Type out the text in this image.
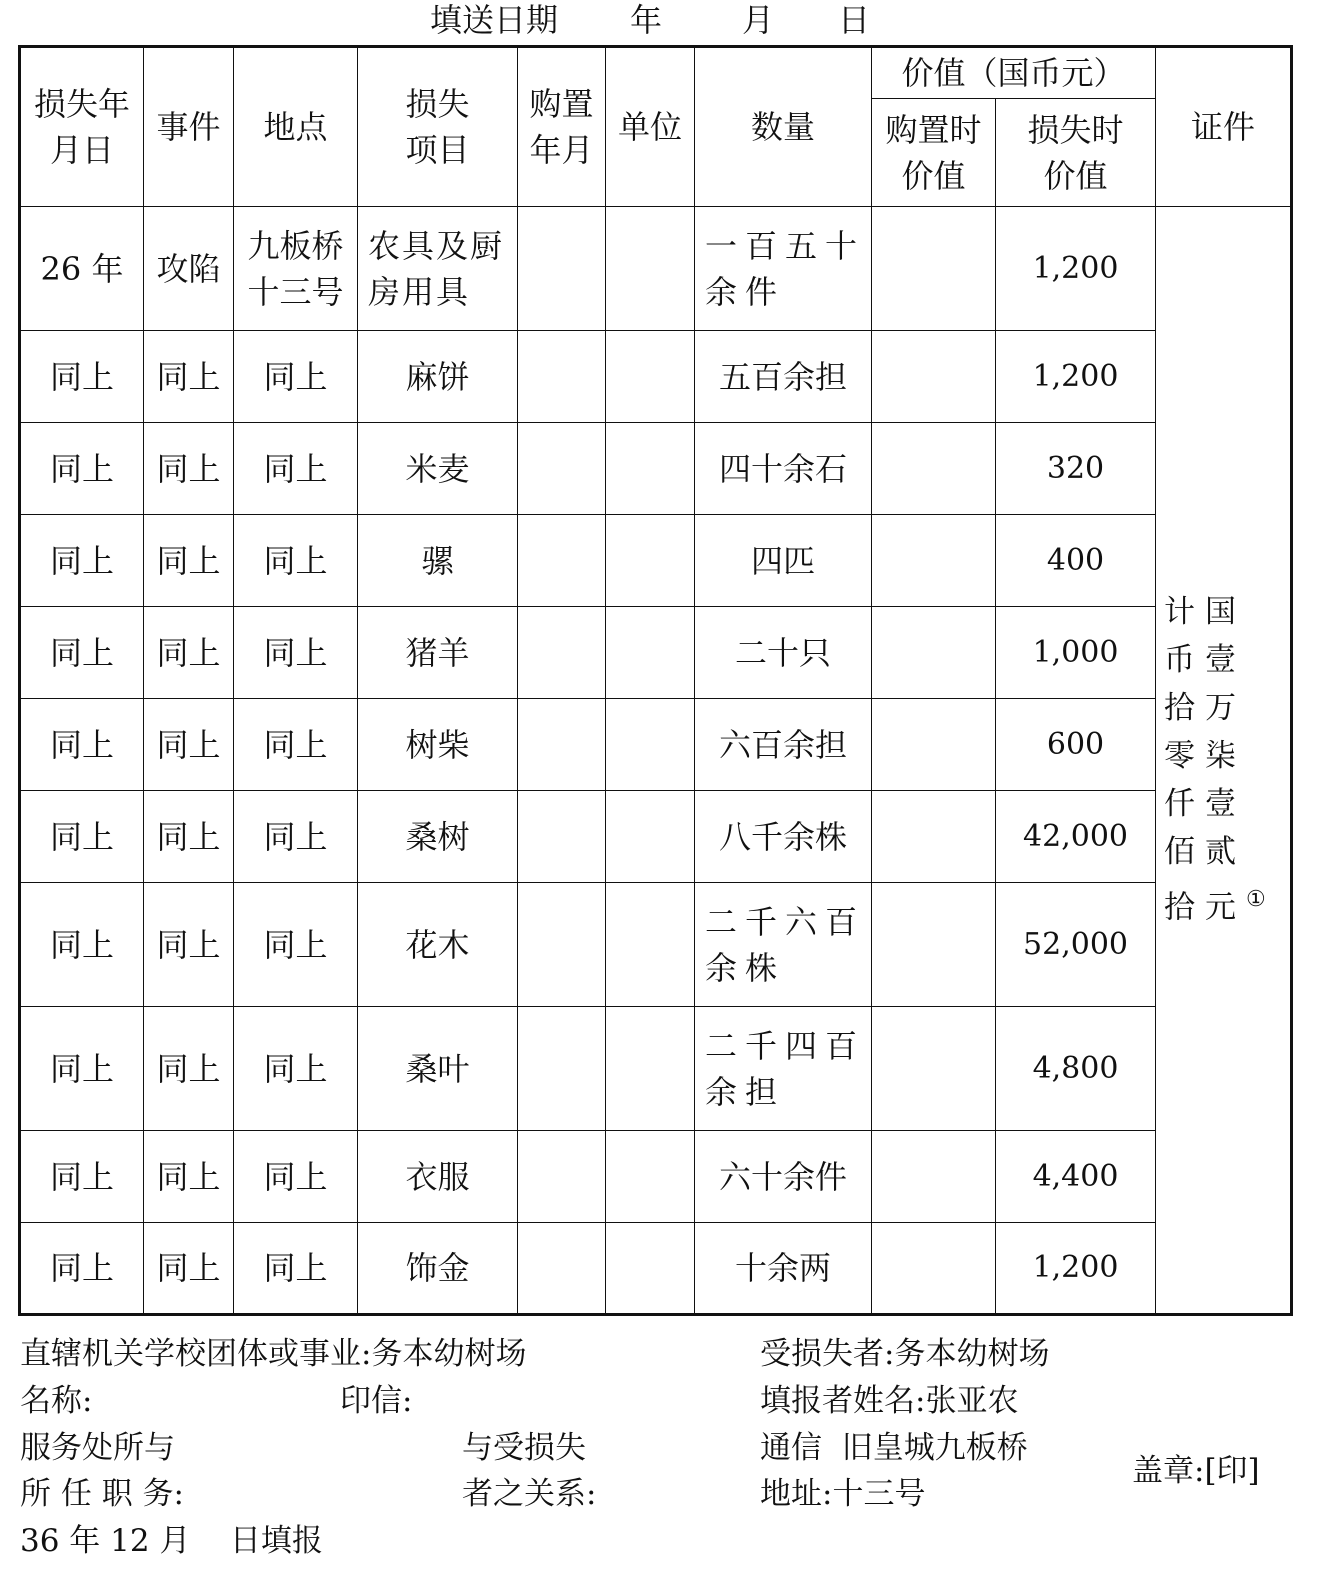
填送日期 年	月 日
损失年月日	事件	地点	损失项目	购置年月	单位	数量	价值（国币元）		证件
							购置时价值	损失时价值	
26 年	攻陷	九板桥十三号	农具及厨房用具			一百五十余件		1,200	计国币壹拾万零柒仟壹佰贰拾元①
同上	同上	同上	麻饼			五百余担		1,200	
同上	同上	同上	米麦			四十余石		320	
同上	同上	同上	骡			四匹		400	
同上	同上	同上	猪羊			二十只		1,000	
同上	同上	同上	树柴			六百余担		600	
同上	同上	同上	桑树			八千余株		42,000	
同上	同上	同上	花木			二千六百余株		52,000	
同上	同上	同上	桑叶			二千四百余担		4,800	
同上	同上	同上	衣服			六十余件		4,400	
同上	同上	同上	饰金			十余两		1,200	
直辖机关学校团体或事业:务本幼树场
名称:	印信:
服务处所与
所 任 职 务:
与受损失
者之关系:
受损失者:务本幼树场
填报者姓名:张亚农
通信  旧皇城九板桥
地址:十三号
盖章:[印]
36 年 12 月    日填报
